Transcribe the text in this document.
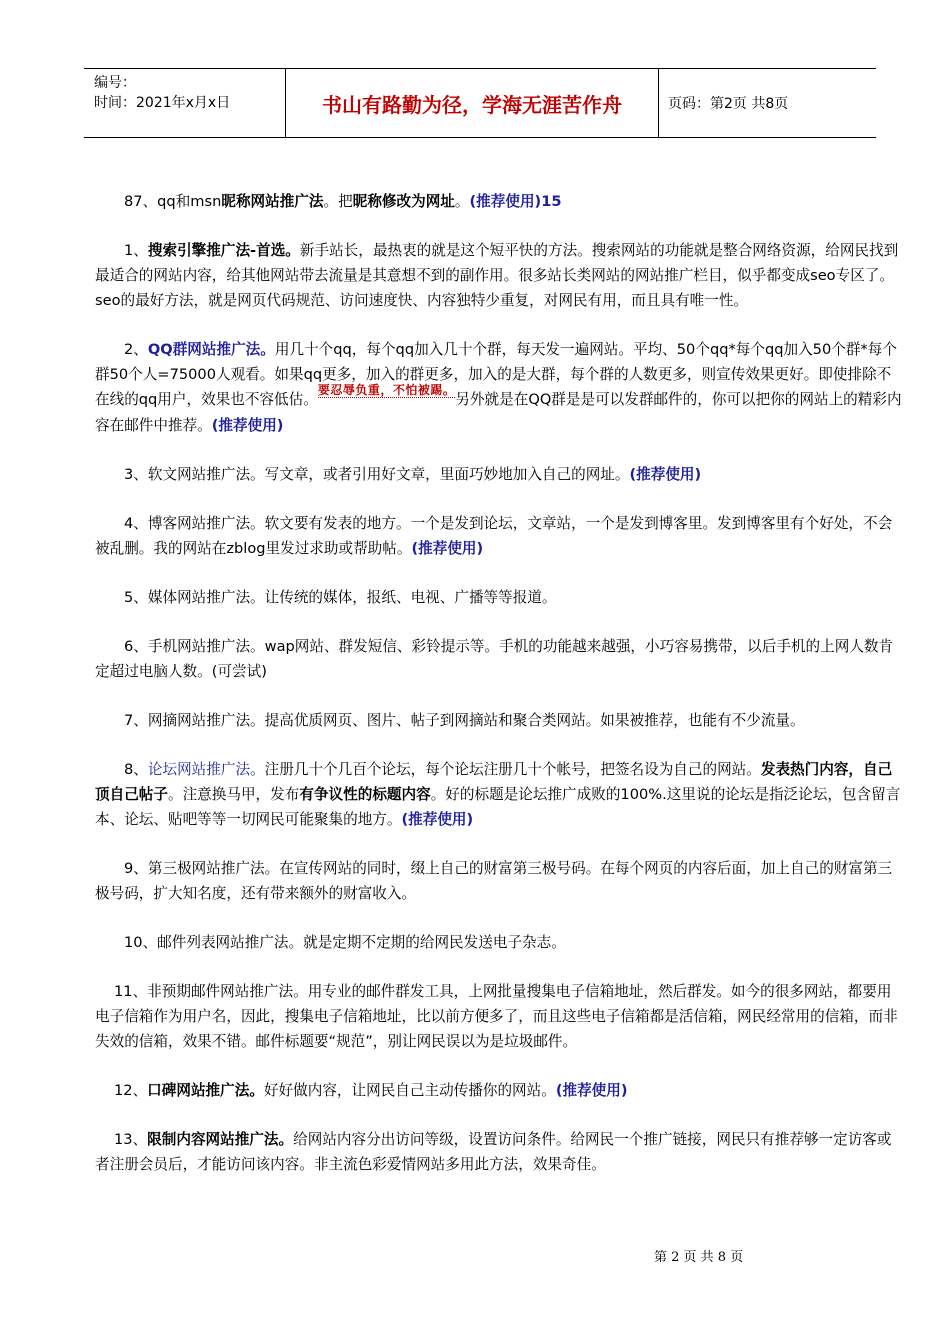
编号：
时间：2021年x月x日	书山有路勤为径，学海无涯苦作舟	页码：第2页 共8页

87、qq和msn昵称网站推广法。把昵称修改为网址。(推荐使用)15

1、搜索引擎推广法-首选。新手站长，最热衷的就是这个短平快的方法。搜索网站的功能就是整合网络资源，给网民找到最适合的网站内容，给其他网站带去流量是其意想不到的副作用。很多站长类网站的网站推广栏目，似乎都变成seo专区了。seo的最好方法，就是网页代码规范、访问速度快、内容独特少重复，对网民有用，而且具有唯一性。

2、QQ群网站推广法。用几十个qq，每个qq加入几十个群，每天发一遍网站。平均、50个qq*每个qq加入50个群*每个群50个人=75000人观看。如果qq更多，加入的群更多，加入的是大群，每个群的人数更多，则宣传效果更好。即使排除不在线的qq用户，效果也不容低估。$^{要忍辱负重,不怕被踢。}$另外就是在QQ群是是可以发群邮件的，你可以把你的网站上的精彩内容在邮件中推荐。(推荐使用)

3、软文网站推广法。写文章，或者引用好文章，里面巧妙地加入自己的网址。(推荐使用)

4、博客网站推广法。软文要有发表的地方。一个是发到论坛，文章站，一个是发到博客里。发到博客里有个好处，不会被乱删。我的网站在zblog里发过求助或帮助帖。(推荐使用)

5、媒体网站推广法。让传统的媒体，报纸、电视、广播等等报道。

6、手机网站推广法。wap网站、群发短信、彩铃提示等。手机的功能越来越强，小巧容易携带，以后手机的上网人数肯定超过电脑人数。(可尝试)

7、网摘网站推广法。提高优质网页、图片、帖子到网摘站和聚合类网站。如果被推荐，也能有不少流量。

8、论坛网站推广法。注册几十个几百个论坛，每个论坛注册几十个帐号，把签名设为自己的网站。发表热门内容，自己顶自己帖子。注意换马甲，发布有争议性的标题内容。好的标题是论坛推广成败的100%.这里说的论坛是指泛论坛，包含留言本、论坛、贴吧等等一切网民可能聚集的地方。(推荐使用)

9、第三极网站推广法。在宣传网站的同时，缀上自己的财富第三极号码。在每个网页的内容后面，加上自己的财富第三极号码，扩大知名度，还有带来额外的财富收入。

10、邮件列表网站推广法。就是定期不定期的给网民发送电子杂志。

11、非预期邮件网站推广法。用专业的邮件群发工具，上网批量搜集电子信箱地址，然后群发。如今的很多网站，都要用电子信箱作为用户名，因此，搜集电子信箱地址，比以前方便多了，而且这些电子信箱都是活信箱，网民经常用的信箱，而非失效的信箱，效果不错。邮件标题要“规范”，别让网民误以为是垃圾邮件。

12、口碑网站推广法。好好做内容，让网民自己主动传播你的网站。(推荐使用)

13、限制内容网站推广法。给网站内容分出访问等级，设置访问条件。给网民一个推广链接，网民只有推荐够一定访客或者注册会员后，才能访问该内容。非主流色彩爱情网站多用此方法，效果奇佳。

第 2 页 共 8 页
